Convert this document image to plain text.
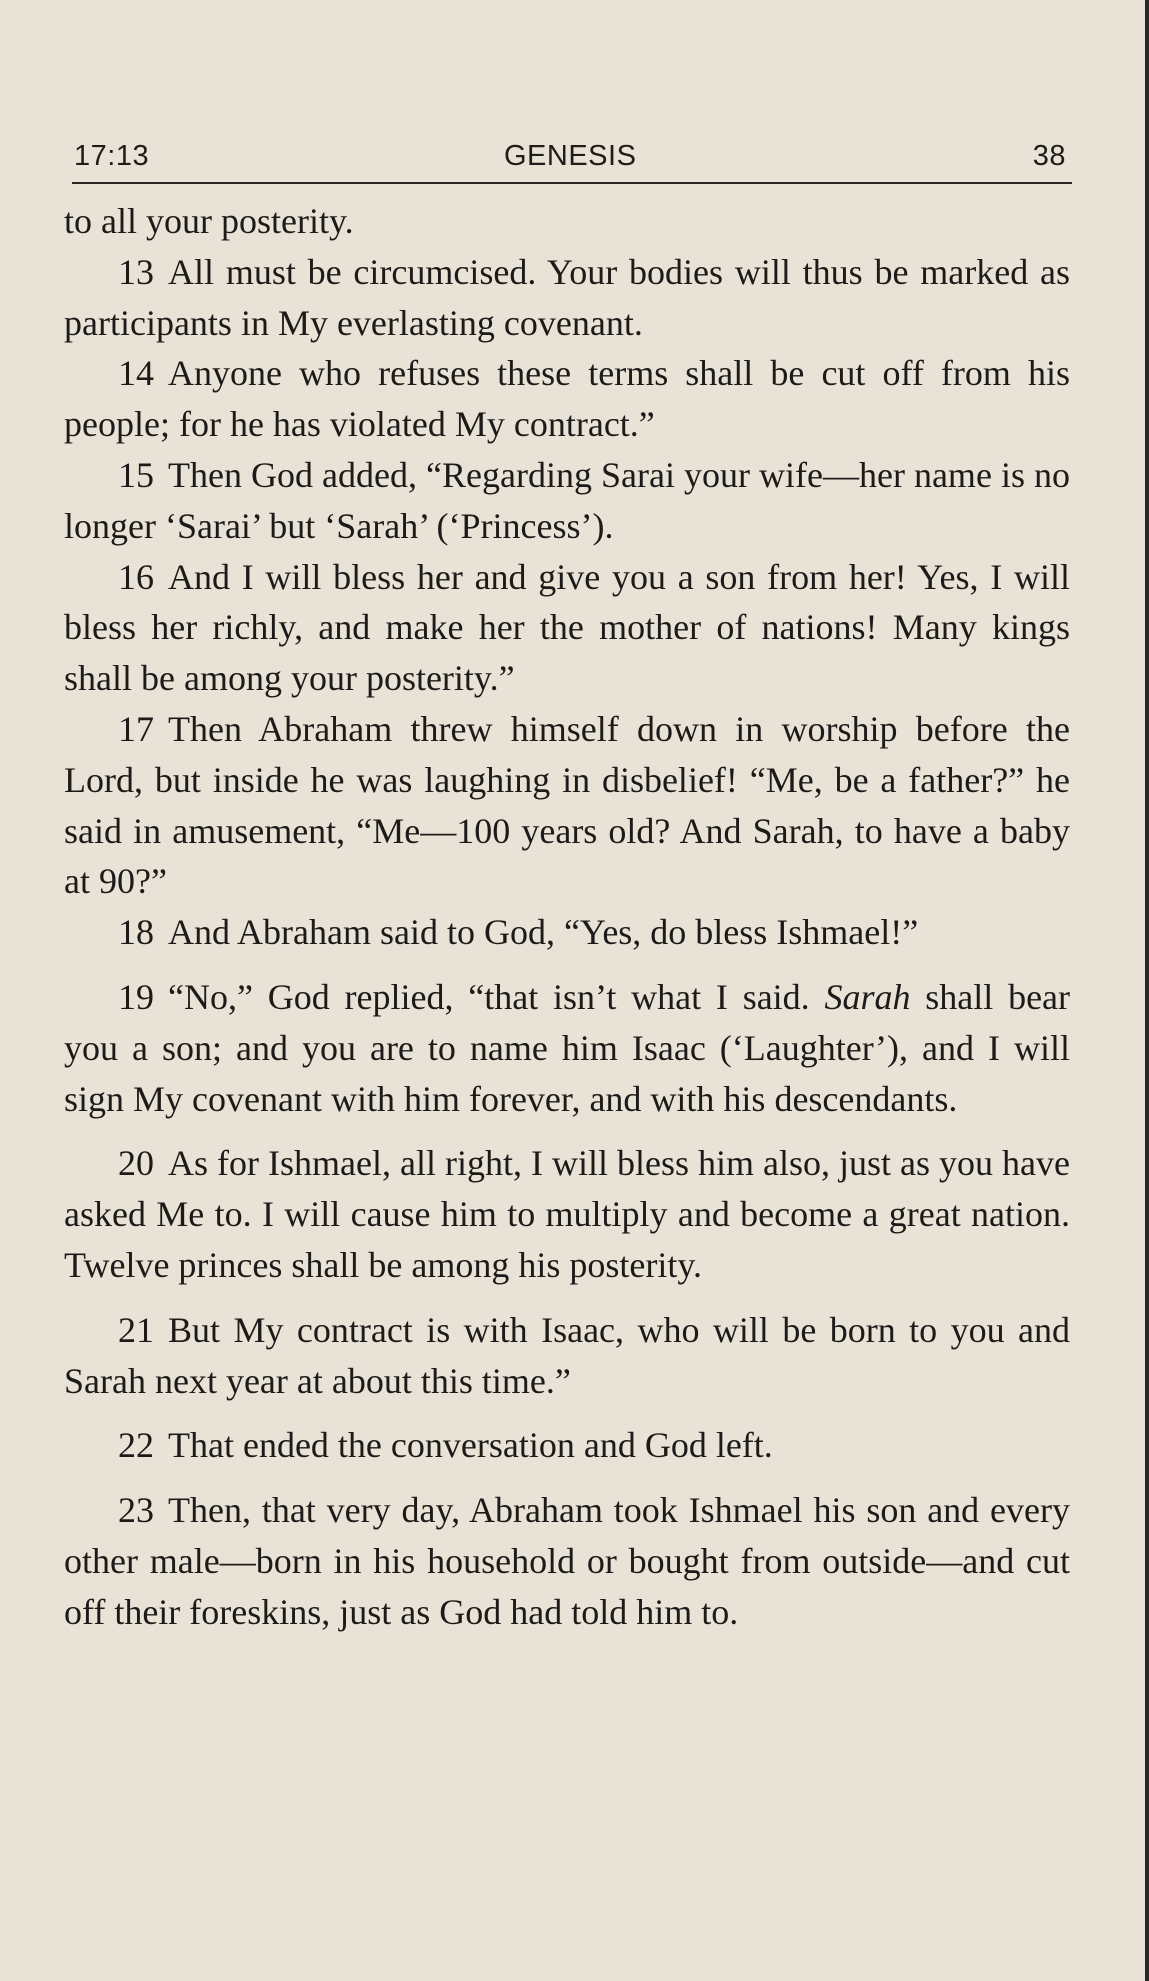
17:13	GENESIS	38

to all your posterity.

13 All must be circumcised. Your bodies will thus be marked as participants in My everlasting covenant.

14 Anyone who refuses these terms shall be cut off from his people; for he has violated My contract.”

15 Then God added, “Regarding Sarai your wife—her name is no longer ‘Sarai’ but ‘Sarah’ (‘Princess’).

16 And I will bless her and give you a son from her! Yes, I will bless her richly, and make her the mother of nations! Many kings shall be among your posterity.”

17 Then Abraham threw himself down in worship before the Lord, but inside he was laughing in disbelief! “Me, be a father?” he said in amusement, “Me—100 years old? And Sarah, to have a baby at 90?”

18 And Abraham said to God, “Yes, do bless Ishmael!”

19 “No,” God replied, “that isn’t what I said. Sarah shall bear you a son; and you are to name him Isaac (‘Laughter’), and I will sign My covenant with him forever, and with his descendants.

20 As for Ishmael, all right, I will bless him also, just as you have asked Me to. I will cause him to multiply and become a great nation. Twelve princes shall be among his posterity.

21 But My contract is with Isaac, who will be born to you and Sarah next year at about this time.”

22 That ended the conversation and God left.

23 Then, that very day, Abraham took Ishmael his son and every other male—born in his household or bought from outside—and cut off their foreskins, just as God had told him to.
